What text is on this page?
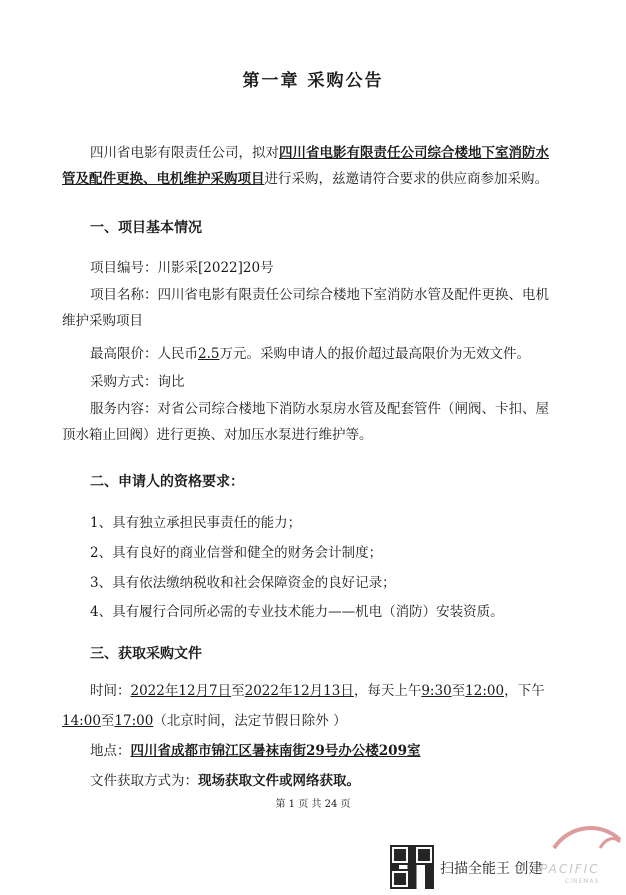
第一章 采购公告
四川省电影有限责任公司，拟对四川省电影有限责任公司综合楼地下室消防水管及配件更换、电机维护采购项目进行采购，兹邀请符合要求的供应商参加采购。
一、项目基本情况
项目编号：川影采[2022]20号
项目名称：四川省电影有限责任公司综合楼地下室消防水管及配件更换、电机维护采购项目
最高限价：人民币2.5万元。采购申请人的报价超过最高限价为无效文件。
采购方式：询比
服务内容：对省公司综合楼地下消防水泵房水管及配套管件（闸阀、卡扣、屋顶水箱止回阀）进行更换、对加压水泵进行维护等。
二、申请人的资格要求：
1、具有独立承担民事责任的能力；
2、具有良好的商业信誉和健全的财务会计制度；
3、具有依法缴纳税收和社会保障资金的良好记录；
4、具有履行合同所必需的专业技术能力——机电（消防）安装资质。
三、获取采购文件
时间：2022年12月7日至2022年12月13日，每天上午9:30至12:00，下午
14:00至17:00（北京时间，法定节假日除外 ）
地点：四川省成都市锦江区暑袜南街29号办公楼209室
文件获取方式为：现场获取文件或网络获取。
第 1 页 共 24 页
扫描全能王 创建
PACIFIC
CINEMAS
